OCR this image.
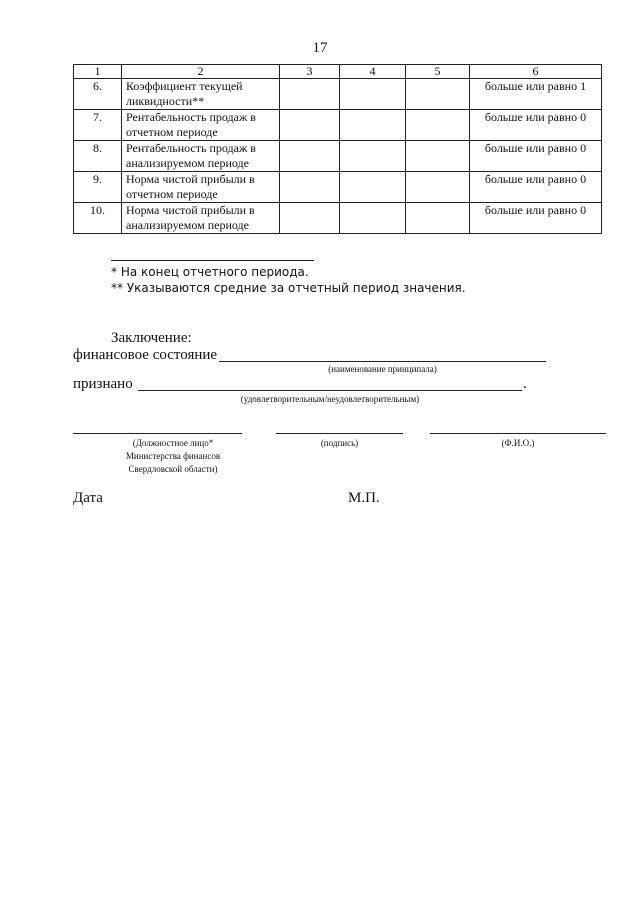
17
1	2	3	4	5	6
6.	Коэффициент текущей ликвидности**				больше или равно 1
7.	Рентабельность продаж в отчетном периоде				больше или равно 0
8.	Рентабельность продаж в анализируемом периоде				больше или равно 0
9.	Норма чистой прибыли в отчетном периоде				больше или равно 0
10.	Норма чистой прибыли в анализируемом периоде				больше или равно 0
* На конец отчетного периода.
** Указываются средние за отчетный период значения.
Заключение:
финансовое состояние
(наименование принципала)
признано	.
(удовлетворительным/неудовлетворительным)
(Должностное лицо*
Министерства финансов
Свердловской области)
(подпись)	(Ф.И.О.)
Дата	М.П.
